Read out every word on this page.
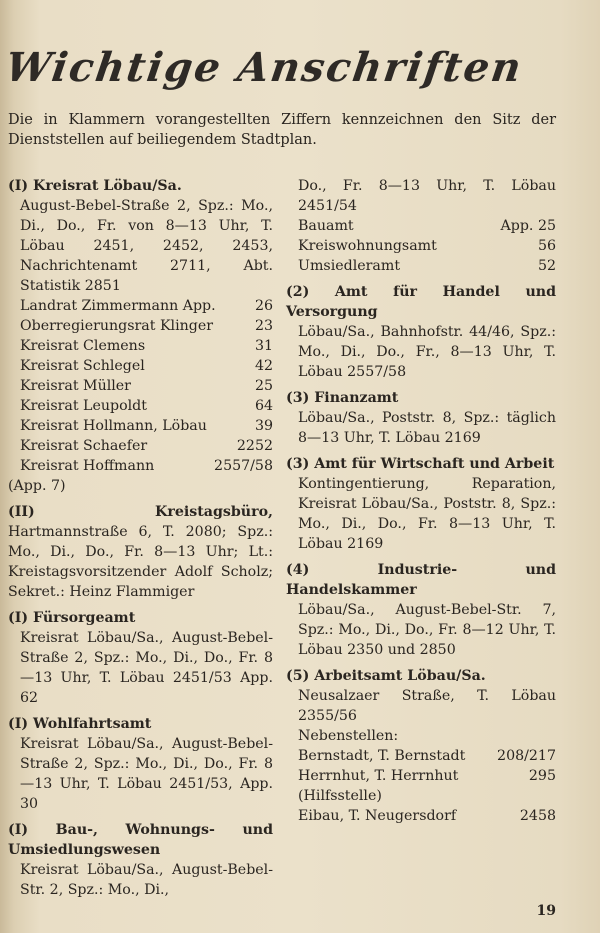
Wichtige Anschriften
Die in Klammern vorangestellten Ziffern kennzeichnen den Sitz der Dienststellen auf beiliegendem Stadtplan.

(I) Kreisrat Löbau/Sa.

August-Bebel-Straße 2, Spz.: Mo., Di., Do., Fr. von 8—13 Uhr, T. Löbau 2451, 2452, 2453, Nachrichtenamt 2711, Abt. Statistik 2851

Landrat Zimmermann App.	26
Oberregierungsrat Klinger	23
Kreisrat Clemens	31
Kreisrat Schlegel	42
Kreisrat Müller	25
Kreisrat Leupoldt	64
Kreisrat Hollmann, Löbau	39
Kreisrat Schaefer	2252
Kreisrat Hoffmann	2557/58

(App. 7)

(II) Kreistagsbüro, Hartmannstraße 6, T. 2080; Spz.: Mo., Di., Do., Fr. 8—13 Uhr; Lt.: Kreistagsvorsitzender Adolf Scholz; Sekret.: Heinz Flammiger

(I) Fürsorgeamt

Kreisrat Löbau/Sa., August-Bebel-Straße 2, Spz.: Mo., Di., Do., Fr. 8—13 Uhr, T. Löbau 2451/53 App. 62

(I) Wohlfahrtsamt

Kreisrat Löbau/Sa., August-Bebel-Straße 2, Spz.: Mo., Di., Do., Fr. 8—13 Uhr, T. Löbau 2451/53, App. 30

(I) Bau-, Wohnungs- und Umsiedlungswesen

Kreisrat Löbau/Sa., August-Bebel-Str. 2, Spz.: Mo., Di.,

Do., Fr. 8—13 Uhr, T. Löbau 2451/54

Bauamt	App. 25
Kreiswohnungsamt	56
Umsiedleramt	52

(2) Amt für Handel und Versorgung

Löbau/Sa., Bahnhofstr. 44/46, Spz.: Mo., Di., Do., Fr., 8—13 Uhr, T. Löbau 2557/58

(3) Finanzamt

Löbau/Sa., Poststr. 8, Spz.: täglich 8—13 Uhr, T. Löbau 2169

(3) Amt für Wirtschaft und Arbeit

Kontingentierung, Reparation, Kreisrat Löbau/Sa., Poststr. 8, Spz.: Mo., Di., Do., Fr. 8—13 Uhr, T. Löbau 2169

(4) Industrie- und Handelskammer

Löbau/Sa., August-Bebel-Str. 7, Spz.: Mo., Di., Do., Fr. 8—12 Uhr, T. Löbau 2350 und 2850

(5) Arbeitsamt Löbau/Sa.

Neusalzaer Straße, T. Löbau 2355/56

Nebenstellen:

Bernstadt, T. Bernstadt 208/217
Herrnhut, T. Herrnhut	295
(Hilfsstelle)
Eibau, T. Neugersdorf	2458
19
